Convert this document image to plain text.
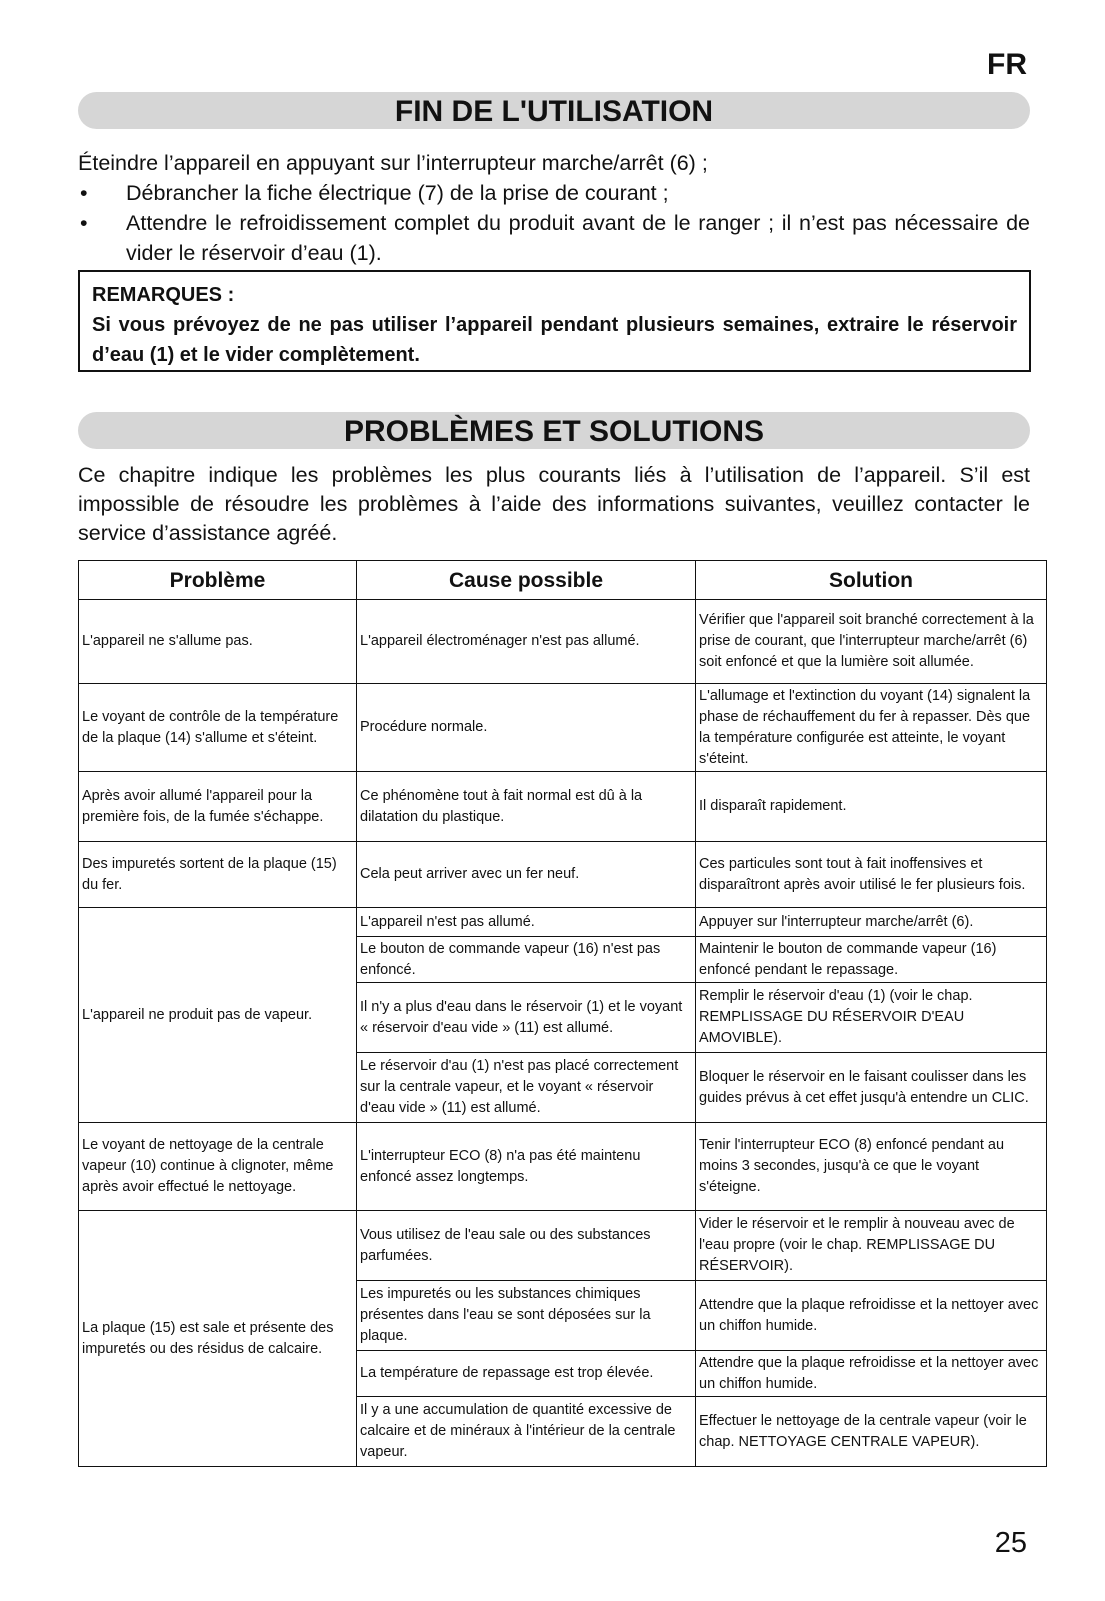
FR
FIN DE L'UTILISATION
Éteindre l’appareil en appuyant sur l’interrupteur marche/arrêt (6) ;
• Débrancher la fiche électrique (7) de la prise de courant ;
• Attendre le refroidissement complet du produit avant de le ranger ; il n’est pas nécessaire de vider le réservoir d’eau (1).
REMARQUES :
Si vous prévoyez de ne pas utiliser l’appareil pendant plusieurs semaines, extraire le réservoir d’eau (1) et le vider complètement.
PROBLÈMES ET SOLUTIONS
Ce chapitre indique les problèmes les plus courants liés à l’utilisation de l’appareil. S’il est impossible de résoudre les problèmes à l’aide des informations suivantes, veuillez contacter le service d’assistance agréé.
Problème	Cause possible	Solution
L'appareil ne s'allume pas.	L'appareil électroménager n'est pas allumé.	Vérifier que l'appareil soit branché correctement à la prise de courant, que l'interrupteur marche/arrêt (6) soit enfoncé et que la lumière soit allumée.
Le voyant de contrôle de la température de la plaque (14) s'allume et s'éteint.	Procédure normale.	L'allumage et l'extinction du voyant (14) signalent la phase de réchauffement du fer à repasser. Dès que la température configurée est atteinte, le voyant s'éteint.
Après avoir allumé l'appareil pour la première fois, de la fumée s'échappe.	Ce phénomène tout à fait normal est dû à la dilatation du plastique.	Il disparaît rapidement.
Des impuretés sortent de la plaque (15) du fer.	Cela peut arriver avec un fer neuf.	Ces particules sont tout à fait inoffensives et disparaîtront après avoir utilisé le fer plusieurs fois.
L'appareil ne produit pas de vapeur.	L'appareil n'est pas allumé.	Appuyer sur l'interrupteur marche/arrêt (6).
	Le bouton de commande vapeur (16) n'est pas enfoncé.	Maintenir le bouton de commande vapeur (16) enfoncé pendant le repassage.
	Il n'y a plus d'eau dans le réservoir (1) et le voyant « réservoir d'eau vide » (11) est allumé.	Remplir le réservoir d'eau (1) (voir le chap. REMPLISSAGE DU RÉSERVOIR D'EAU AMOVIBLE).
	Le réservoir d'au (1) n'est pas placé correctement sur la centrale vapeur, et le voyant « réservoir d'eau vide » (11) est allumé.	Bloquer le réservoir en le faisant coulisser dans les guides prévus à cet effet jusqu'à entendre un CLIC.
Le voyant de nettoyage de la centrale vapeur (10) continue à clignoter, même après avoir effectué le nettoyage.	L'interrupteur ECO (8) n'a pas été maintenu enfoncé assez longtemps.	Tenir l'interrupteur ECO (8) enfoncé pendant au moins 3 secondes, jusqu'à ce que le voyant s'éteigne.
La plaque (15) est sale et présente des impuretés ou des résidus de calcaire.	Vous utilisez de l'eau sale ou des substances parfumées.	Vider le réservoir et le remplir à nouveau avec de l'eau propre (voir le chap. REMPLISSAGE DU RÉSERVOIR).
	Les impuretés ou les substances chimiques présentes dans l'eau se sont déposées sur la plaque.	Attendre que la plaque refroidisse et la nettoyer avec un chiffon humide.
	La température de repassage est trop élevée.	Attendre que la plaque refroidisse et la nettoyer avec un chiffon humide.
	Il y a une accumulation de quantité excessive de calcaire et de minéraux à l'intérieur de la centrale vapeur.	Effectuer le nettoyage de la centrale vapeur (voir le chap. NETTOYAGE CENTRALE VAPEUR).
25
